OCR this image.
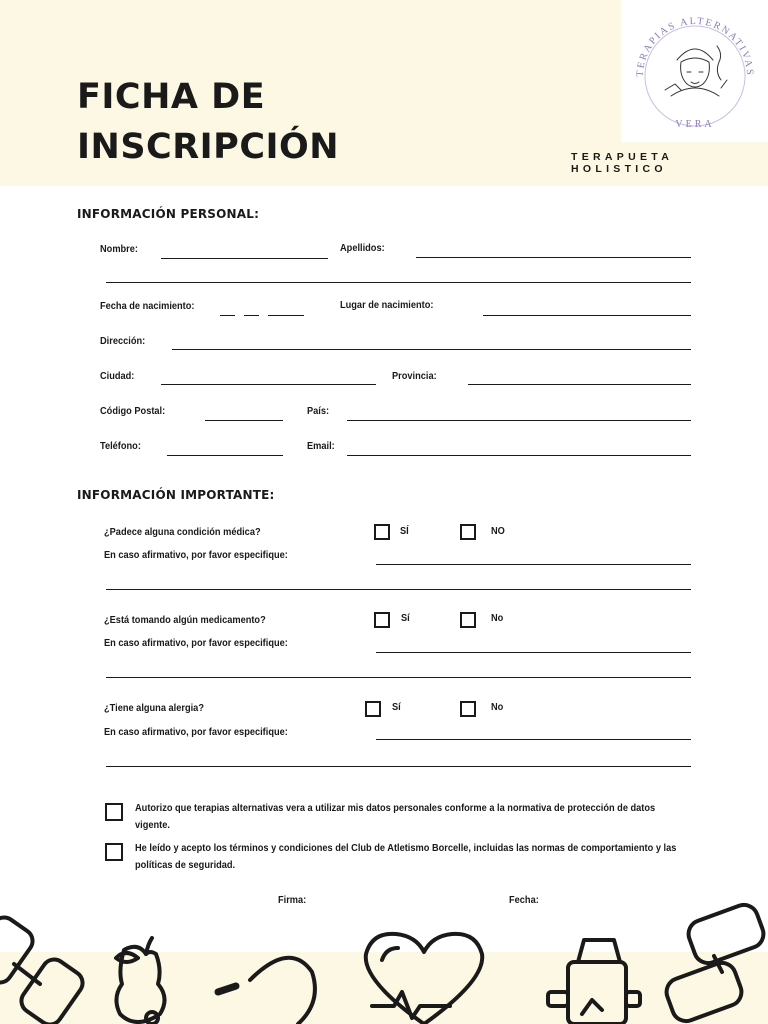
TERAPIAS ALTERNATIVAS
VERA
FICHA DE
INSCRIPCIÓN	TERAPUETA HOLISTICO
INFORMACIÓN PERSONAL:
Nombre:	Apellidos:
Fecha de nacimiento:	Lugar de nacimiento:
Dirección:
Ciudad:	Provincia:
Código Postal:	País:
Teléfono:	Email:
INFORMACIÓN IMPORTANTE:
¿Padece alguna condición médica?	SÍ	NO
En caso afirmativo, por favor especifique:
¿Está tomando algún medicamento?	Sí	No
En caso afirmativo, por favor especifique:
¿Tiene alguna alergia?	Sí	No
En caso afirmativo, por favor especifique:
Autorizo que terapias alternativas vera a utilizar mis datos personales conforme a la normativa de protección de datos vigente.
He leído y acepto los términos y condiciones del Club de Atletismo Borcelle, incluidas las normas de comportamiento y las políticas de seguridad.
Firma:	Fecha:
